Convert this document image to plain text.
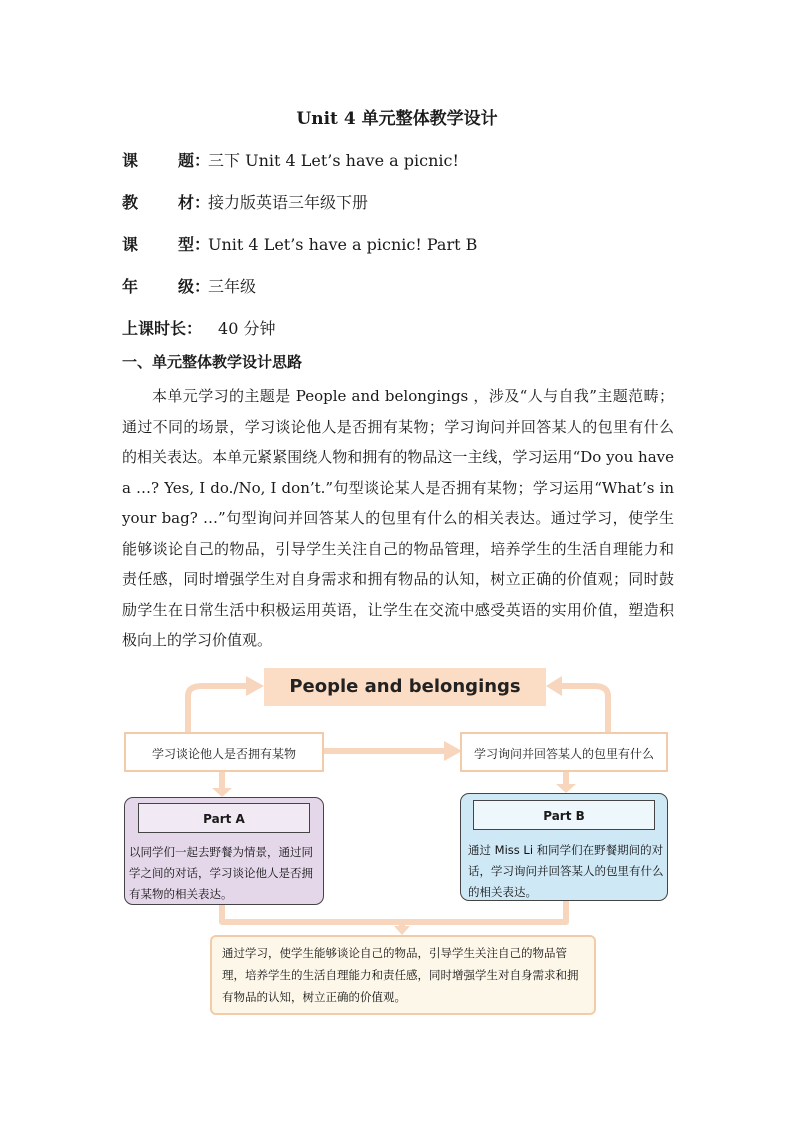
Unit 4 单元整体教学设计
课 题：三下 Unit 4 Let’s have a picnic!
教 材：接力版英语三年级下册
课 型：Unit 4 Let’s have a picnic! Part B
年 级：三年级
上课时长： 40 分钟
一、单元整体教学设计思路
本单元学习的主题是 People and belongings ，涉及“人与自我”主题范畴；通过不同的场景，学习谈论他人是否拥有某物；学习询问并回答某人的包里有什么的相关表达。本单元紧紧围绕人物和拥有的物品这一主线，学习运用“Do you have a …? Yes, I do./No, I don’t.”句型谈论某人是否拥有某物；学习运用“What’s in your bag? …”句型询问并回答某人的包里有什么的相关表达。通过学习，使学生能够谈论自己的物品，引导学生关注自己的物品管理，培养学生的生活自理能力和责任感，同时增强学生对自身需求和拥有物品的认知，树立正确的价值观；同时鼓励学生在日常生活中积极运用英语，让学生在交流中感受英语的实用价值，塑造积极向上的学习价值观。
People and belongings
学习谈论他人是否拥有某物	学习询问并回答某人的包里有什么
Part A
以同学们一起去野餐为情景，通过同学之间的对话，学习谈论他人是否拥有某物的相关表达。
Part B
通过 Miss Li 和同学们在野餐期间的对话，学习询问并回答某人的包里有什么的相关表达。
通过学习，使学生能够谈论自己的物品，引导学生关注自己的物品管理，培养学生的生活自理能力和责任感，同时增强学生对自身需求和拥有物品的认知，树立正确的价值观。
